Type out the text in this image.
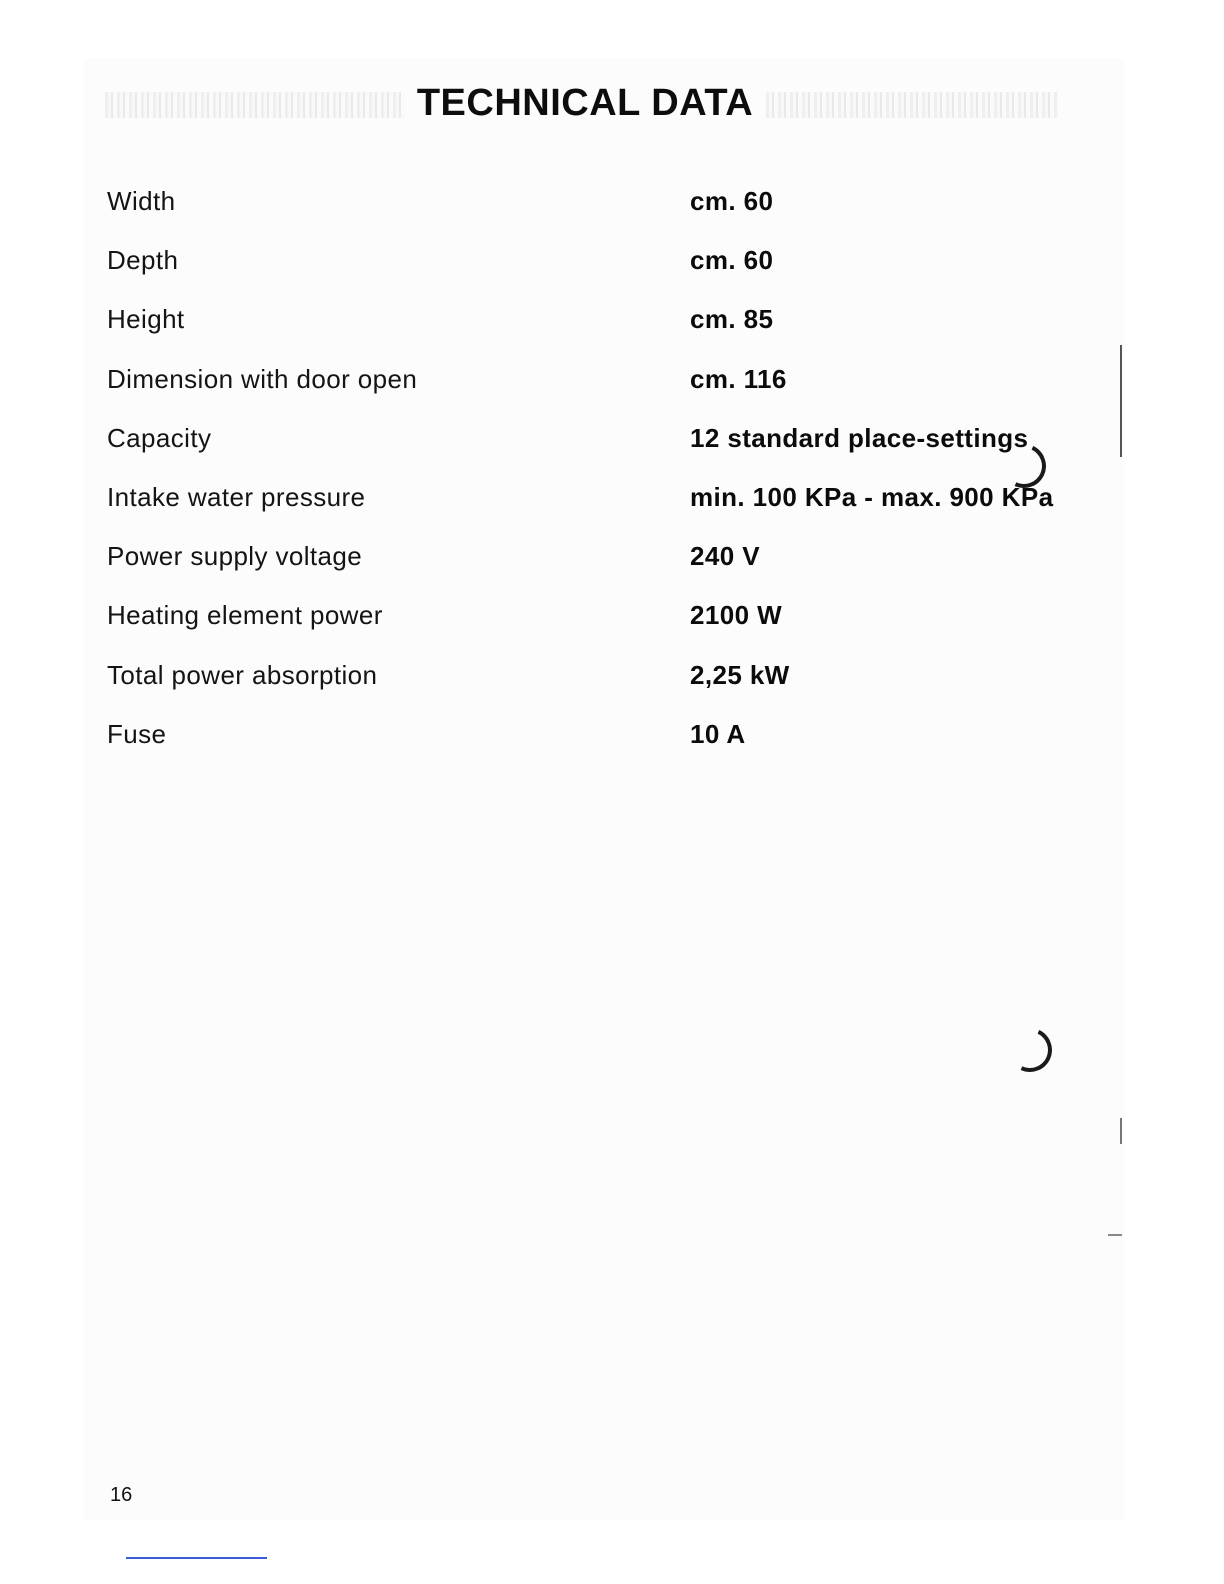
TECHNICAL DATA
Width	cm. 60
Depth	cm. 60
Height	cm. 85
Dimension with door open	cm. 116
Capacity	12 standard place-settings
Intake water pressure	min. 100 KPa - max. 900 KPa
Power supply voltage	240 V
Heating element power	2100 W
Total power absorption	2,25 kW
Fuse	10 A
16
